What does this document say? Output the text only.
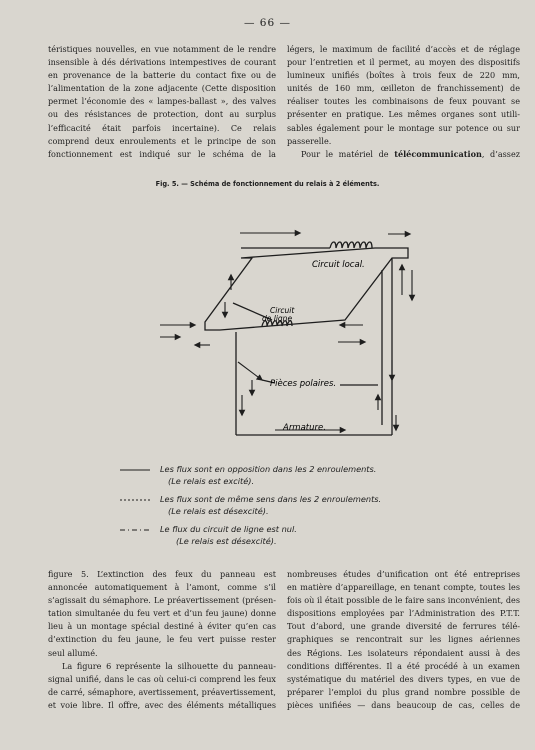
— 66 —
téristiques nouvelles, en vue notamment de le rendre
insensible à dés dérivations intempestives de courant
en provenance de la batterie du contact fixe ou de
l’alimentation de la zone adjacente (Cette disposition
permet l’économie des « lampes-ballast », des valves
ou des résistances de protection, dont au surplus
l’efficacité était parfois incertaine). Ce relais
comprend deux enroulements et le principe de son
fonctionnement est indiqué sur le schéma de la
légers, le maximum de facilité d’accès et de réglage
pour l’entretien et il permet, au moyen des dispositifs
lumineux unifiés (boîtes à trois feux de 220 mm,
unités de 160 mm, œilleton de franchissement) de
réaliser toutes les combinaisons de feux pouvant se
présenter en pratique. Les mêmes organes sont utili-
sables également pour le montage sur potence ou sur
passerelle.
Pour le matériel de télécommunication, d’assez
Fig. 5. — Schéma de fonctionnement du relais à 2 éléments.
Circuit local.
Circuit
de ligne
Pièces polaires.
Armature.
Les flux sont en opposition dans les 2 enroulements.
(Le relais est excité).
Les flux sont de même sens dans les 2 enroulements.
(Le relais est désexcité).
Le flux du circuit de ligne est nul.
(Le relais est désexcité).
figure 5. L’extinction des feux du panneau est
annoncée automatiquement à l’amont, comme s’il
s’agissait du sémaphore. Le préavertissement (présen-
tation simultanée du feu vert et d’un feu jaune) donne
lieu à un montage spécial destiné à éviter qu’en cas
d’extinction du feu jaune, le feu vert puisse rester
seul allumé.
La figure 6 représente la silhouette du panneau-
signal unifié, dans le cas où celui-ci comprend les feux
de carré, sémaphore, avertissement, préavertissement,
et voie libre. Il offre, avec des éléments métalliques
nombreuses études d’unification ont été entreprises
en matière d’appareillage, en tenant compte, toutes les
fois où il était possible de le faire sans inconvénient, des
dispositions employées par l’Administration des P.T.T.
Tout d’abord, une grande diversité de ferrures télé-
graphiques se rencontrait sur les lignes aériennes
des Régions. Les isolateurs répondaient aussi à des
conditions différentes. Il a été procédé à un examen
systématique du matériel des divers types, en vue de
préparer l’emploi du plus grand nombre possible de
pièces unifiées — dans beaucoup de cas, celles de
